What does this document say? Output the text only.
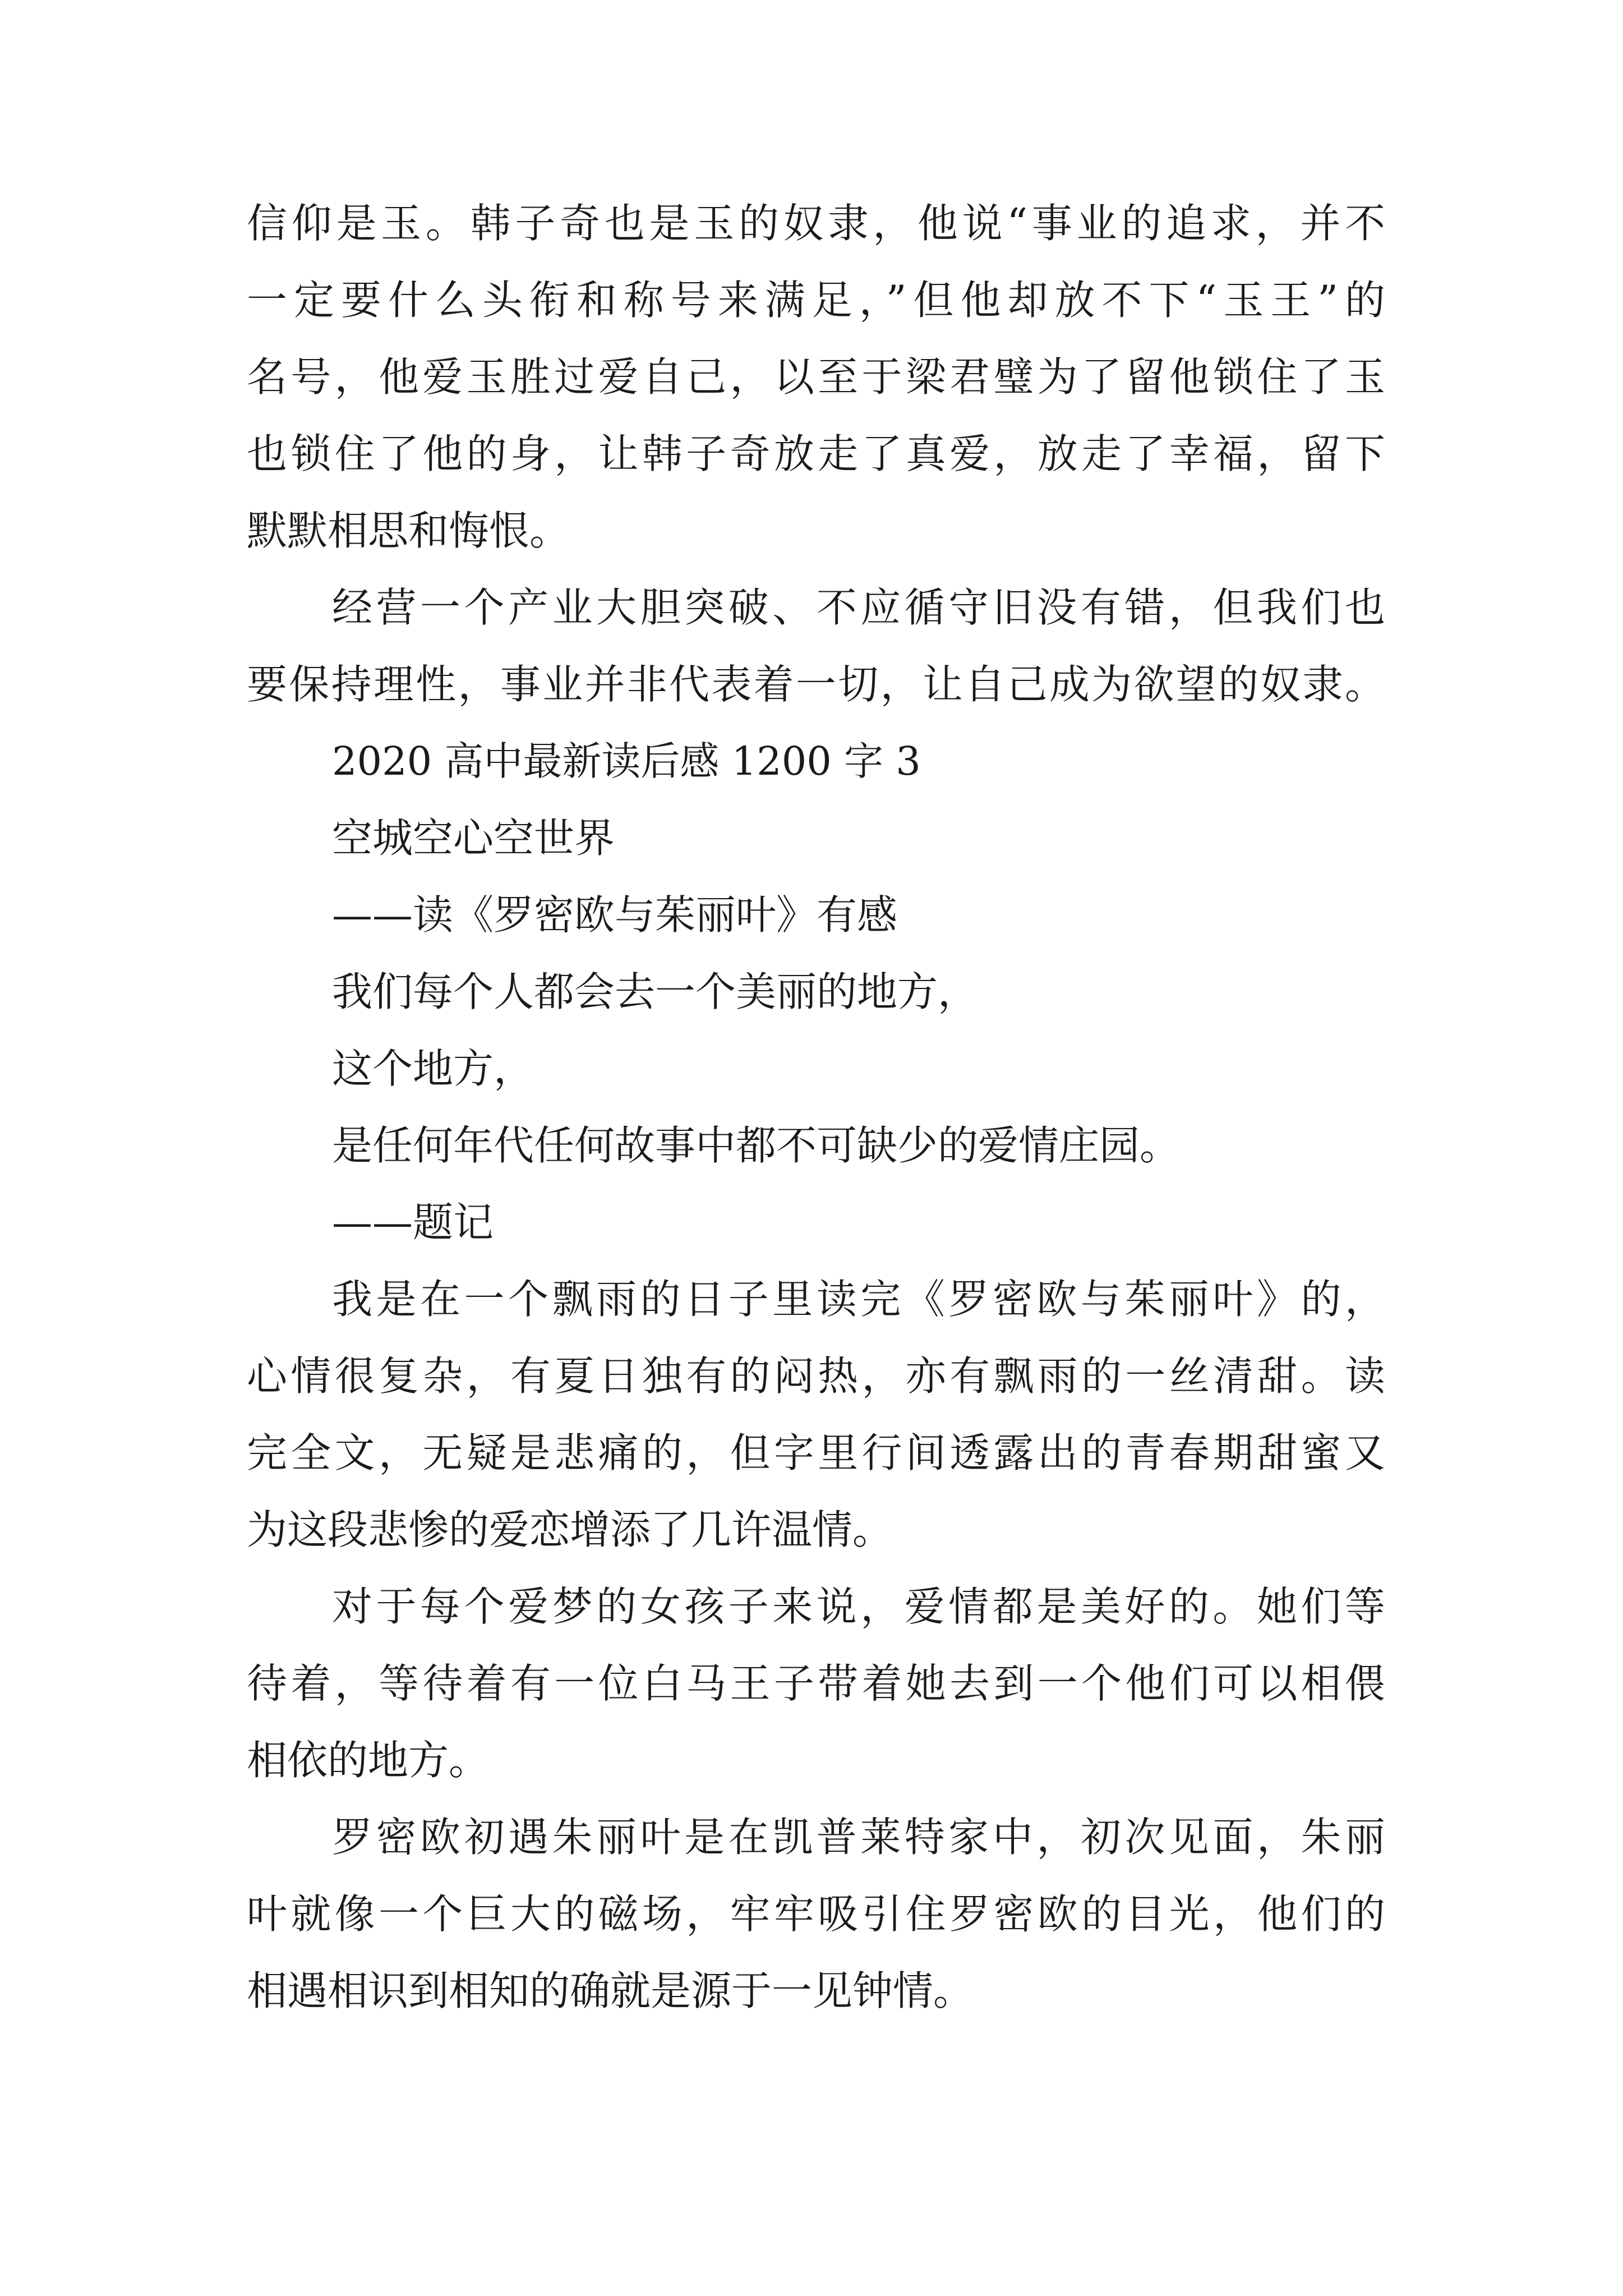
信仰是玉。韩子奇也是玉的奴隶，他说“事业的追求，并不
一定要什么头衔和称号来满足，”但他却放不下“玉王”的
名号，他爱玉胜过爱自己，以至于梁君璧为了留他锁住了玉
也锁住了他的身，让韩子奇放走了真爱，放走了幸福，留下
默默相思和悔恨。
经营一个产业大胆突破、不应循守旧没有错，但我们也
要保持理性，事业并非代表着一切，让自己成为欲望的奴隶。
2020 高中最新读后感 1200 字 3
空城空心空世界
——读《罗密欧与茱丽叶》有感
我们每个人都会去一个美丽的地方，
这个地方，
是任何年代任何故事中都不可缺少的爱情庄园。
——题记
我是在一个飘雨的日子里读完《罗密欧与茱丽叶》的，
心情很复杂，有夏日独有的闷热，亦有飘雨的一丝清甜。读
完全文，无疑是悲痛的，但字里行间透露出的青春期甜蜜又
为这段悲惨的爱恋增添了几许温情。
对于每个爱梦的女孩子来说，爱情都是美好的。她们等
待着，等待着有一位白马王子带着她去到一个他们可以相偎
相依的地方。
罗密欧初遇朱丽叶是在凯普莱特家中，初次见面，朱丽
叶就像一个巨大的磁场，牢牢吸引住罗密欧的目光，他们的
相遇相识到相知的确就是源于一见钟情。
